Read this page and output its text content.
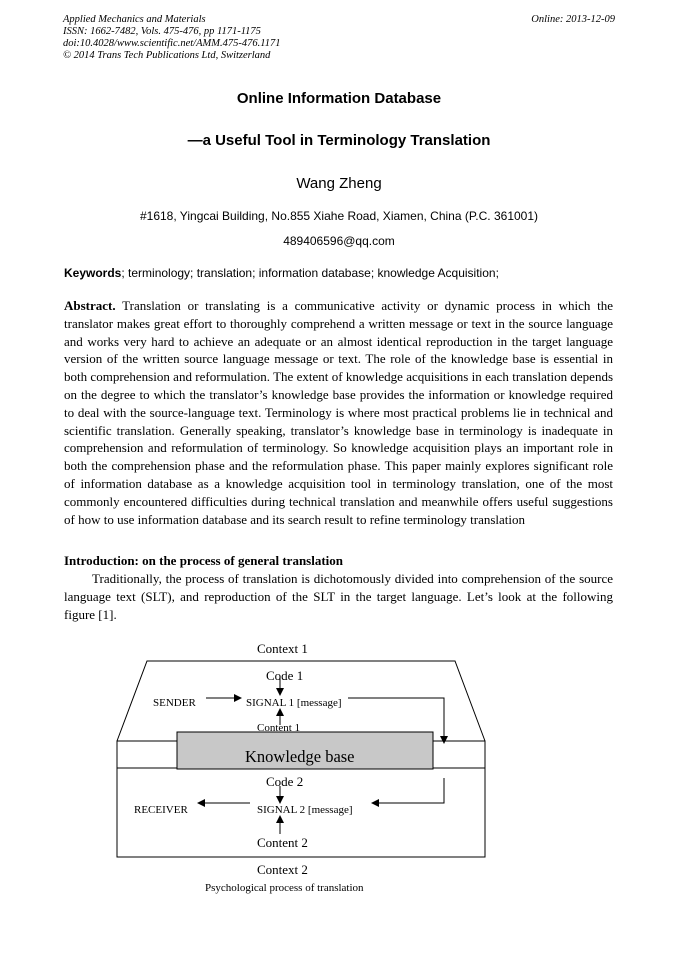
Applied Mechanics and Materials
ISSN: 1662-7482, Vols. 475-476, pp 1171-1175
doi:10.4028/www.scientific.net/AMM.475-476.1171
© 2014 Trans Tech Publications Ltd, Switzerland
Online: 2013-12-09
Online Information Database
—a Useful Tool in Terminology Translation
Wang Zheng
#1618, Yingcai Building, No.855 Xiahe Road, Xiamen, China (P.C. 361001)
489406596@qq.com
Keywords; terminology; translation; information database; knowledge Acquisition;
Abstract. Translation or translating is a communicative activity or dynamic process in which the translator makes great effort to thoroughly comprehend a written message or text in the source language and works very hard to achieve an adequate or an almost identical reproduction in the target language version of the written source language message or text. The role of the knowledge base is essential in both comprehension and reformulation. The extent of knowledge acquisitions in each translation depends on the degree to which the translator’s knowledge base provides the information or knowledge required to deal with the source-language text. Terminology is where most practical problems lie in technical and scientific translation. Generally speaking, translator’s knowledge base in terminology is inadequate in comprehension and reformulation of terminology. So knowledge acquisition plays an important role in both the comprehension phase and the reformulation phase. This paper mainly explores significant role of information database as a knowledge acquisition tool in terminology translation, one of the most commonly encountered difficulties during technical translation and meanwhile offers useful suggestions of how to use information database and its search result to refine terminology translation
Introduction: on the process of general translation
Traditionally, the process of translation is dichotomously divided into comprehension of the source language text (SLT), and reproduction of the SLT in the target language. Let’s look at the following figure [1].
Context 1
Code 1
SENDER	SIGNAL 1 [message]
Content 1
Knowledge base
Code 2
RECEIVER	SIGNAL 2 [message]
Content 2
Context 2
Psychological process of translation
